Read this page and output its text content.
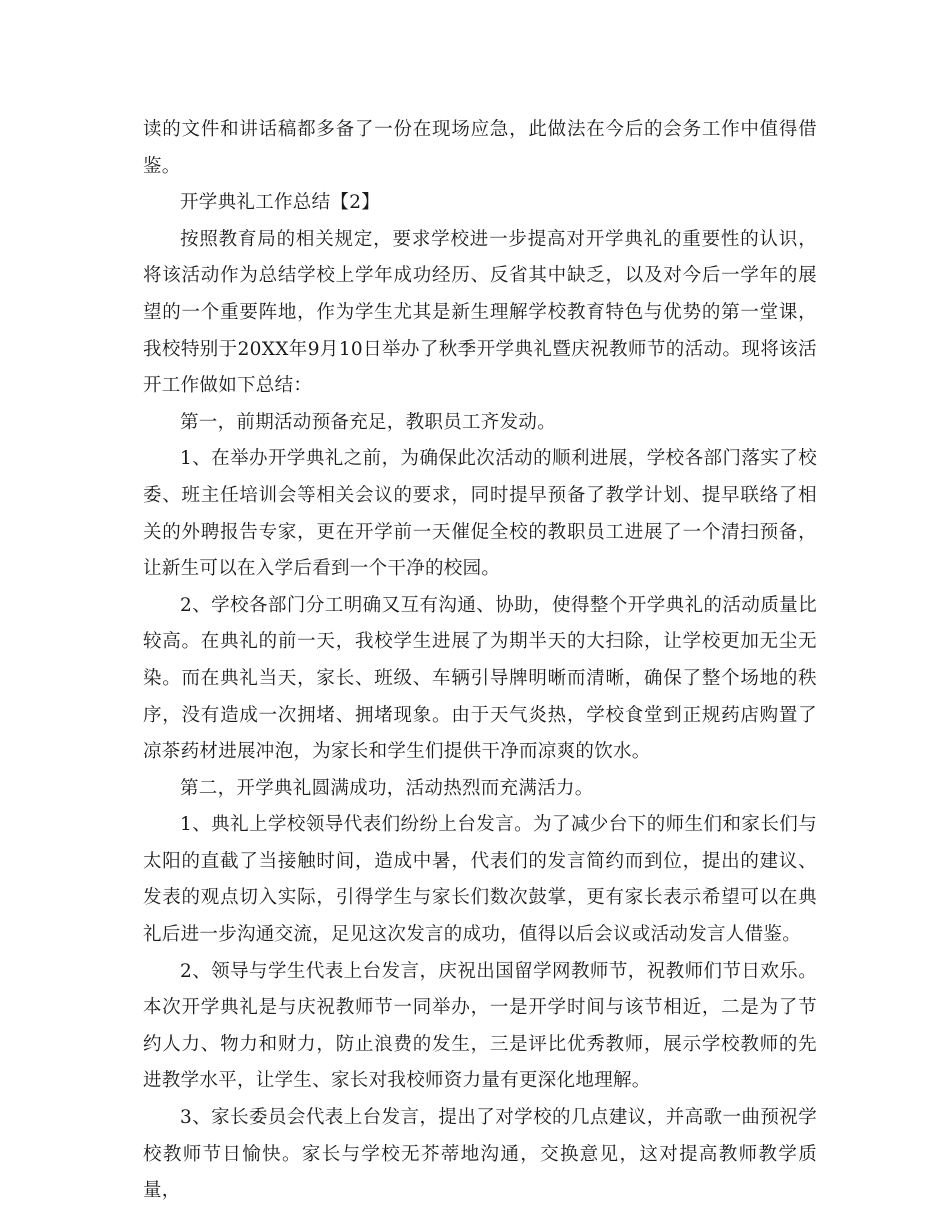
读的文件和讲话稿都多备了一份在现场应急，此做法在今后的会务工作中值得借鉴。

开学典礼工作总结【2】

按照教育局的相关规定，要求学校进一步提高对开学典礼的重要性的认识，将该活动作为总结学校上学年成功经历、反省其中缺乏，以及对今后一学年的展望的一个重要阵地，作为学生尤其是新生理解学校教育特色与优势的第一堂课，我校特别于20XX年9月10日举办了秋季开学典礼暨庆祝教师节的活动。现将该活开工作做如下总结：

第一，前期活动预备充足，教职员工齐发动。

1、在举办开学典礼之前，为确保此次活动的顺利进展，学校各部门落实了校委、班主任培训会等相关会议的要求，同时提早预备了教学计划、提早联络了相关的外聘报告专家，更在开学前一天催促全校的教职员工进展了一个清扫预备，让新生可以在入学后看到一个干净的校园。

2、学校各部门分工明确又互有沟通、协助，使得整个开学典礼的活动质量比较高。在典礼的前一天，我校学生进展了为期半天的大扫除，让学校更加无尘无染。而在典礼当天，家长、班级、车辆引导牌明晰而清晰，确保了整个场地的秩序，没有造成一次拥堵、拥堵现象。由于天气炎热，学校食堂到正规药店购置了凉茶药材进展冲泡，为家长和学生们提供干净而凉爽的饮水。

第二，开学典礼圆满成功，活动热烈而充满活力。

1、典礼上学校领导代表们纷纷上台发言。为了减少台下的师生们和家长们与太阳的直截了当接触时间，造成中暑，代表们的发言简约而到位，提出的建议、发表的观点切入实际，引得学生与家长们数次鼓掌，更有家长表示希望可以在典礼后进一步沟通交流，足见这次发言的成功，值得以后会议或活动发言人借鉴。

2、领导与学生代表上台发言，庆祝出国留学网教师节，祝教师们节日欢乐。本次开学典礼是与庆祝教师节一同举办，一是开学时间与该节相近，二是为了节约人力、物力和财力，防止浪费的发生，三是评比优秀教师，展示学校教师的先进教学水平，让学生、家长对我校师资力量有更深化地理解。

3、家长委员会代表上台发言，提出了对学校的几点建议，并高歌一曲预祝学校教师节日愉快。家长与学校无芥蒂地沟通，交换意见，这对提高教师教学质量，
